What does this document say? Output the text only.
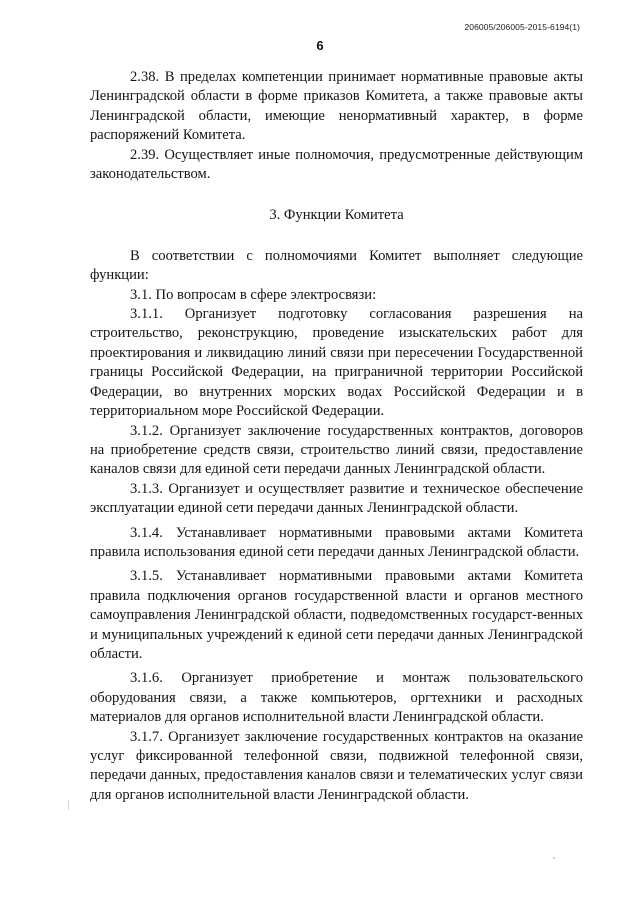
206005/206005-2015-6194(1)
6

2.38. В пределах компетенции принимает нормативные правовые акты Ленинградской области в форме приказов Комитета, а также правовые акты Ленинградской области, имеющие ненормативный характер, в форме распоряжений Комитета.

2.39. Осуществляет иные полномочия, предусмотренные действующим законодательством.

3. Функции Комитета

В соответствии с полномочиями Комитет выполняет следующие функции:

3.1. По вопросам в сфере электросвязи:

3.1.1. Организует подготовку согласования разрешения на строительство, реконструкцию, проведение изыскательских работ для проектирования и ликвидацию линий связи при пересечении Государственной границы Российской Федерации, на приграничной территории Российской Федерации, во внутренних морских водах Российской Федерации и в территориальном море Российской Федерации.

3.1.2. Организует заключение государственных контрактов, договоров на приобретение средств связи, строительство линий связи, предоставление каналов связи для единой сети передачи данных Ленинградской области.

3.1.3. Организует и осуществляет развитие и техническое обеспечение эксплуатации единой сети передачи данных Ленинградской области.

3.1.4. Устанавливает нормативными правовыми актами Комитета правила использования единой сети передачи данных Ленинградской области.

3.1.5. Устанавливает нормативными правовыми актами Комитета правила подключения органов государственной власти и органов местного самоуправления Ленинградской области, подведомственных государст-венных и муниципальных учреждений к единой сети передачи данных Ленинградской области.

3.1.6. Организует приобретение и монтаж пользовательского оборудования связи, а также компьютеров, оргтехники и расходных материалов для органов исполнительной власти Ленинградской области.

3.1.7. Организует заключение государственных контрактов на оказание услуг фиксированной телефонной связи, подвижной телефонной связи, передачи данных, предоставления каналов связи и телематических услуг связи для органов исполнительной власти Ленинградской области.
